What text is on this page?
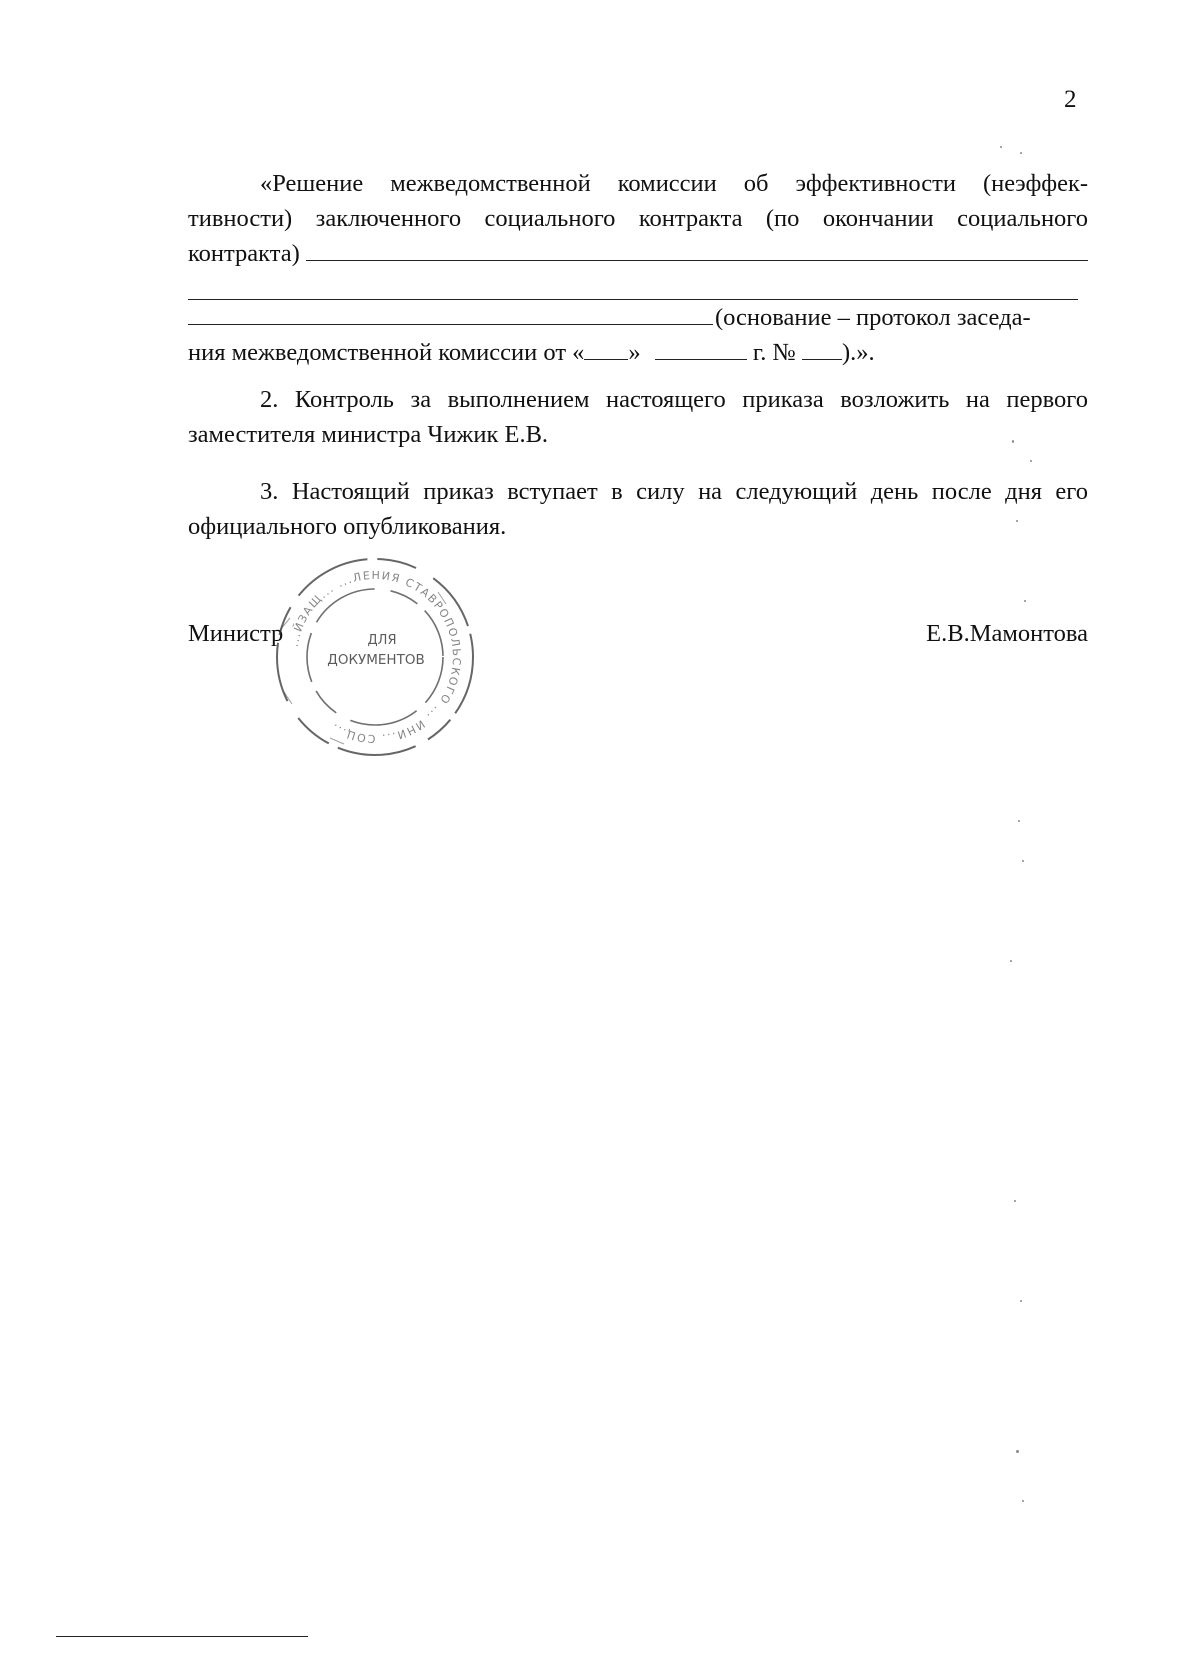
2
«Решение межведомственной комиссии об эффективности (неэффек-
тивности) заключенного социального контракта (по окончании социального
контракта)
(основание – протокол заседа-
ния межведомственной комиссии от « »	г. № ).».
2. Контроль за выполнением настоящего приказа возложить на первого
заместителя министра Чижик Е.В.
3. Настоящий приказ вступает в силу на следующий день после дня его
официального опубликования.
Министр	Е.В.Мамонтова
...ЙЗАЩ... ...ЛЕНИЯ СТАВРОПОЛЬСКОГО ... ИНИ... СОЦ...
ДЛЯ
ДОКУМЕНТОВ
